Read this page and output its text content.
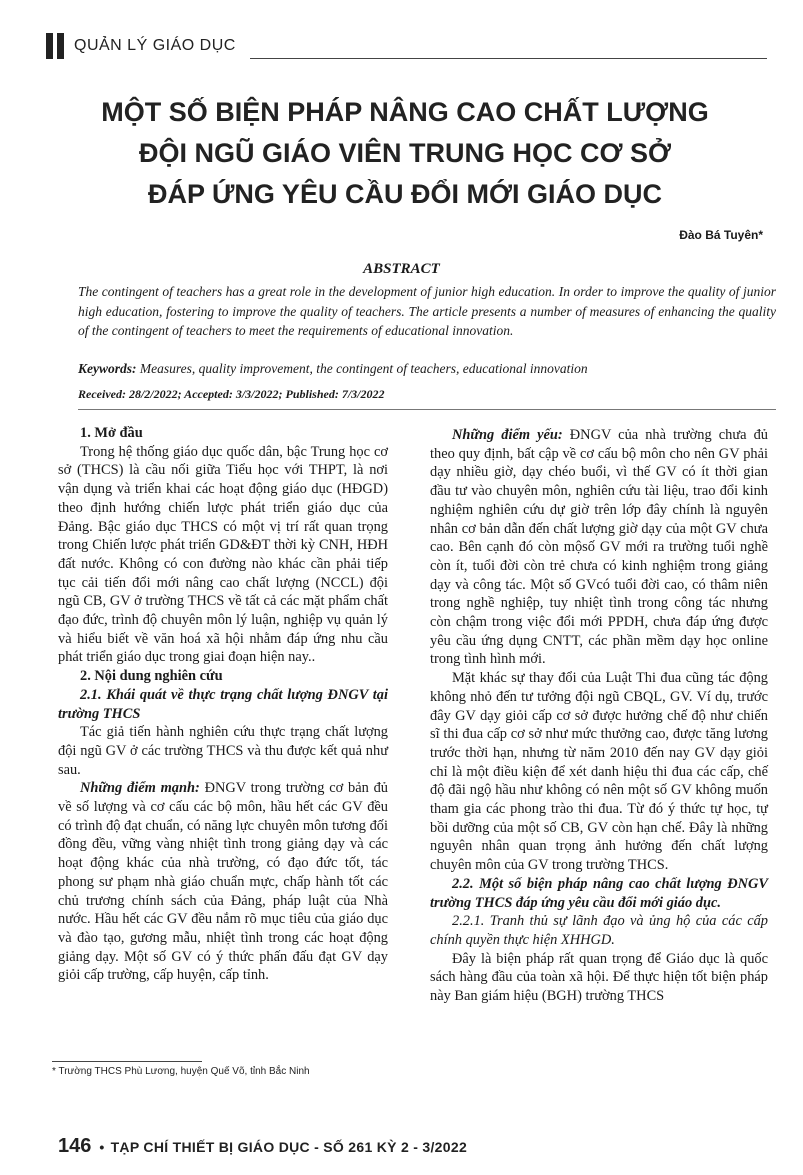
QUẢN LÝ GIÁO DỤC
MỘT SỐ BIỆN PHÁP NÂNG CAO CHẤT LƯỢNG
ĐỘI NGŨ GIÁO VIÊN TRUNG HỌC CƠ SỞ
ĐÁP ỨNG YÊU CẦU ĐỔI MỚI GIÁO DỤC
Đào Bá Tuyên*
ABSTRACT
The contingent of teachers has a great role in the development of junior high education. In order to improve the quality of junior high education, fostering to improve the quality of teachers. The article presents a number of measures of enhancing the quality of the contingent of teachers to meet the requirements of educational innovation.
Keywords: Measures, quality improvement, the contingent of teachers, educational innovation
Received: 28/2/2022; Accepted: 3/3/2022; Published: 7/3/2022

1. Mở đầu

Trong hệ thống giáo dục quốc dân, bậc Trung học cơ sở (THCS) là cầu nối giữa Tiểu học với THPT, là nơi vận dụng và triển khai các hoạt động giáo dục (HĐGD) theo định hướng chiến lược phát triển giáo dục của Đảng. Bậc giáo dục THCS có một vị trí rất quan trọng trong Chiến lược phát triển GD&ĐT thời kỳ CNH, HĐH đất nước. Không có con đường nào khác cần phải tiếp tục cải tiến đổi mới nâng cao chất lượng (NCCL) đội ngũ CB, GV ở trường THCS về tất cả các mặt phẩm chất đạo đức, trình độ chuyên môn lý luận, nghiệp vụ quản lý và hiểu biết về văn hoá xã hội nhằm đáp ứng nhu cầu phát triển giáo dục trong giai đoạn hiện nay..

2. Nội dung nghiên cứu

2.1. Khái quát về thực trạng chất lượng ĐNGV tại trường THCS

Tác giả tiến hành nghiên cứu thực trạng chất lượng đội ngũ GV ở các trường THCS và thu được kết quả như sau.

Những điểm mạnh: ĐNGV trong trường cơ bản đủ về số lượng và cơ cấu các bộ môn, hầu hết các GV đều có trình độ đạt chuẩn, có năng lực chuyên môn tương đối đồng đều, vững vàng nhiệt tình trong giảng dạy và các hoạt động khác của nhà trường, có đạo đức tốt, tác phong sư phạm nhà giáo chuẩn mực, chấp hành tốt các chủ trương chính sách của Đảng, pháp luật của Nhà nước. Hầu hết các GV đều nắm rõ mục tiêu của giáo dục và đào tạo, gương mẫu, nhiệt tình trong các hoạt động giảng dạy. Một số GV có ý thức phấn đấu đạt GV dạy giỏi cấp trường, cấp huyện, cấp tỉnh.

Những điểm yếu: ĐNGV của nhà trường chưa đủ theo quy định, bất cập về cơ cấu bộ môn cho nên GV phải dạy nhiều giờ, dạy chéo buổi, vì thế GV có ít thời gian đầu tư vào chuyên môn, nghiên cứu tài liệu, trao đổi kinh nghiệm nghiên cứu dự giờ trên lớp đây chính là nguyên nhân cơ bản dẫn đến chất lượng giờ dạy của một GV chưa cao. Bên cạnh đó còn mộsố GV mới ra trường tuổi nghề còn ít, tuổi đời còn trẻ chưa có kinh nghiệm trong giảng dạy và công tác. Một số GVcó tuổi đời cao, có thâm niên trong nghề nghiệp, tuy nhiệt tình trong công tác nhưng còn chậm trong việc đổi mới PPDH, chưa đáp ứng được yêu cầu ứng dụng CNTT, các phần mềm dạy học online trong tình hình mới.

Mặt khác sự thay đổi của Luật Thi đua cũng tác động không nhỏ đến tư tưởng đội ngũ CBQL, GV. Ví dụ, trước đây GV dạy giỏi cấp cơ sở được hưởng chế độ như chiến sĩ thi đua cấp cơ sở như mức thưởng cao, được tăng lương trước thời hạn, nhưng từ năm 2010 đến nay GV dạy giỏi chỉ là một điều kiện để xét danh hiệu thi đua các cấp, chế độ đãi ngộ hầu như không có nên một số GV không muốn tham gia các phong trào thi đua. Từ đó ý thức tự học, tự bồi dưỡng của một số CB, GV còn hạn chế. Đây là những nguyên nhân quan trọng ảnh hưởng đến chất lượng chuyên môn của GV trong trường THCS.

2.2. Một số biện pháp nâng cao chất lượng ĐNGV trường THCS đáp ứng yêu cầu đổi mới giáo dục.

2.2.1. Tranh thủ sự lãnh đạo và ủng hộ của các cấp chính quyền thực hiện XHHGD.

Đây là biện pháp rất quan trọng để Giáo dục là quốc sách hàng đầu của toàn xã hội. Để thực hiện tốt biện pháp này Ban giám hiệu (BGH) trường THCS

* Trường THCS Phù Lương, huyện Quế Võ, tỉnh Bắc Ninh
146 • TẠP CHÍ THIẾT BỊ GIÁO DỤC - SỐ 261 KỲ 2 - 3/2022
